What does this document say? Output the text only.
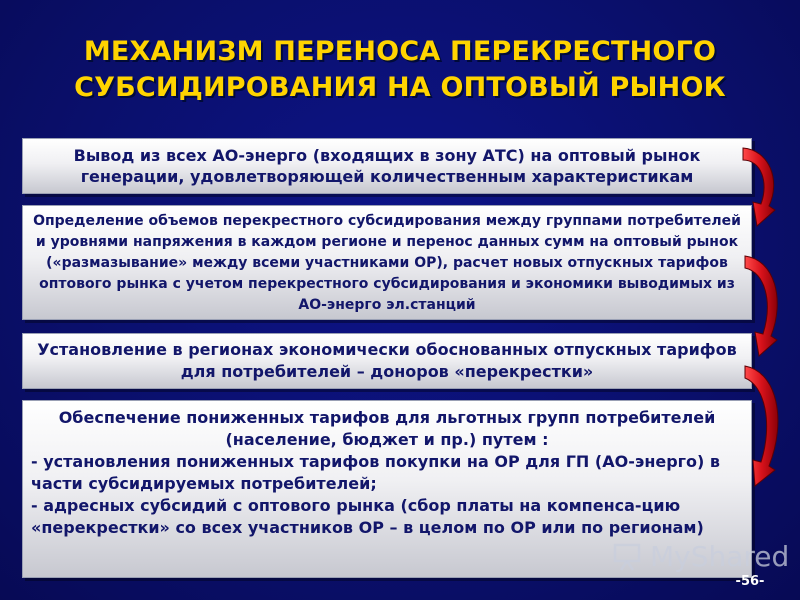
МЕХАНИЗМ ПЕРЕНОСА ПЕРЕКРЕСТНОГО
СУБСИДИРОВАНИЯ НА ОПТОВЫЙ РЫНОК
Вывод из всех АО-энерго (входящих в зону АТС) на оптовый рынок генерации, удовлетворяющей количественным характеристикам
Определение объемов перекрестного субсидирования между группами потребителей и уровнями напряжения в каждом регионе и перенос данных сумм на оптовый рынок («размазывание» между всеми участниками ОР), расчет новых отпускных тарифов оптового рынка с учетом перекрестного субсидирования и экономики выводимых из АО-энерго эл.станций
Установление в регионах экономически обоснованных отпускных тарифов для потребителей – доноров «перекрестки»
Обеспечение пониженных тарифов для льготных групп потребителей (население, бюджет и пр.) путем :
- установления пониженных тарифов покупки на ОР для ГП (АО-энерго) в части субсидируемых потребителей;
- адресных субсидий с оптового рынка (сбор платы на компенса-цию «перекрестки» со всех участников ОР – в целом по ОР или по регионам)
MyShared
-56-
